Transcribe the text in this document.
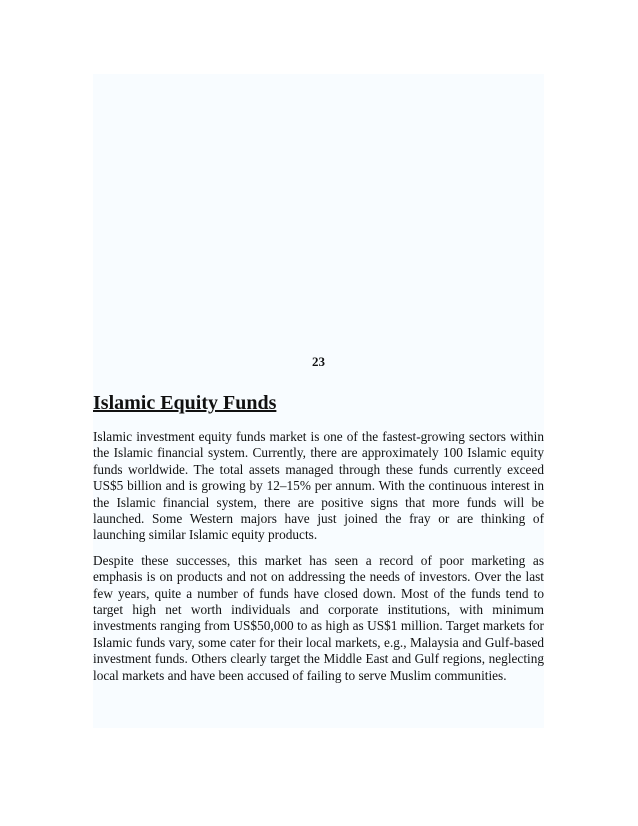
23
Islamic Equity Funds

Islamic investment equity funds market is one of the fastest-growing sectors within the Islamic financial system. Currently, there are approximately 100 Islamic equity funds worldwide. The total assets managed through these funds currently exceed US$5 billion and is growing by 12–15% per annum. With the continuous interest in the Islamic financial system, there are positive signs that more funds will be launched. Some Western majors have just joined the fray or are thinking of launching similar Islamic equity products.

Despite these successes, this market has seen a record of poor marketing as emphasis is on products and not on addressing the needs of investors. Over the last few years, quite a number of funds have closed down. Most of the funds tend to target high net worth individuals and corporate institutions, with minimum investments ranging from US$50,000 to as high as US$1 million. Target markets for Islamic funds vary, some cater for their local markets, e.g., Malaysia and Gulf-based investment funds. Others clearly target the Middle East and Gulf regions, neglecting local markets and have been accused of failing to serve Muslim communities.
